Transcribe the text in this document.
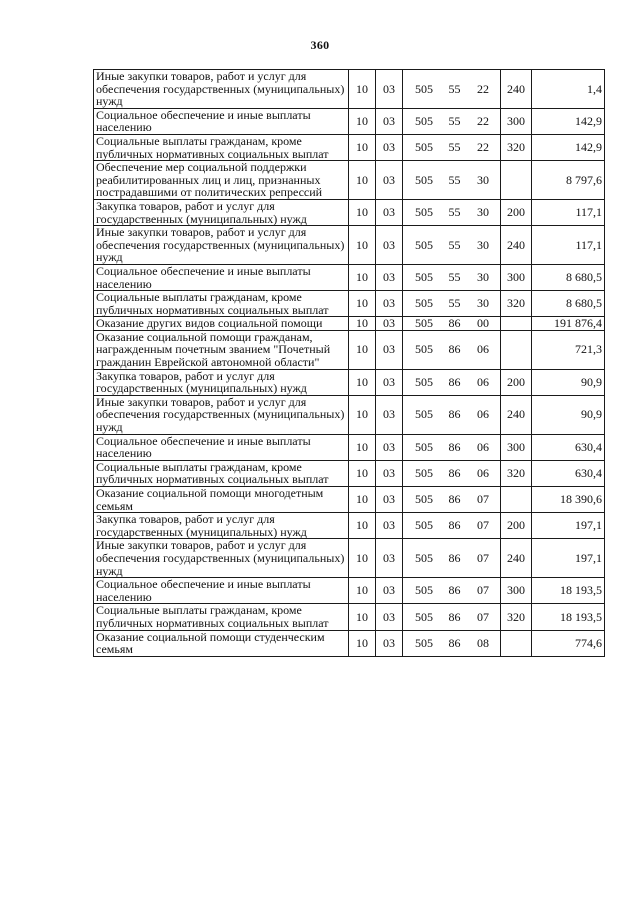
360
Иные закупки товаров, работ и услуг для обеспечения государственных (муниципальных) нужд	10	03	505 55 22	240	1,4
Социальное обеспечение и иные выплаты населению	10	03	505 55 22	300	142,9
Социальные выплаты гражданам, кроме публичных нормативных социальных выплат	10	03	505 55 22	320	142,9
Обеспечение мер социальной поддержки реабилитированных лиц и лиц, признанных пострадавшими от политических репрессий	10	03	505 55 30		8 797,6
Закупка товаров, работ и услуг для государственных (муниципальных) нужд	10	03	505 55 30	200	117,1
Иные закупки товаров, работ и услуг для обеспечения государственных (муниципальных) нужд	10	03	505 55 30	240	117,1
Социальное обеспечение и иные выплаты населению	10	03	505 55 30	300	8 680,5
Социальные выплаты гражданам, кроме публичных нормативных социальных выплат	10	03	505 55 30	320	8 680,5
Оказание других видов социальной помощи	10	03	505 86 00		191 876,4
Оказание социальной помощи гражданам, награжденным почетным званием "Почетный гражданин Еврейской автономной области"	10	03	505 86 06		721,3
Закупка товаров, работ и услуг для государственных (муниципальных) нужд	10	03	505 86 06	200	90,9
Иные закупки товаров, работ и услуг для обеспечения государственных (муниципальных) нужд	10	03	505 86 06	240	90,9
Социальное обеспечение и иные выплаты населению	10	03	505 86 06	300	630,4
Социальные выплаты гражданам, кроме публичных нормативных социальных выплат	10	03	505 86 06	320	630,4
Оказание социальной помощи многодетным семьям	10	03	505 86 07		18 390,6
Закупка товаров, работ и услуг для государственных (муниципальных) нужд	10	03	505 86 07	200	197,1
Иные закупки товаров, работ и услуг для обеспечения государственных (муниципальных) нужд	10	03	505 86 07	240	197,1
Социальное обеспечение и иные выплаты населению	10	03	505 86 07	300	18 193,5
Социальные выплаты гражданам, кроме публичных нормативных социальных выплат	10	03	505 86 07	320	18 193,5
Оказание социальной помощи студенческим семьям	10	03	505 86 08		774,6
